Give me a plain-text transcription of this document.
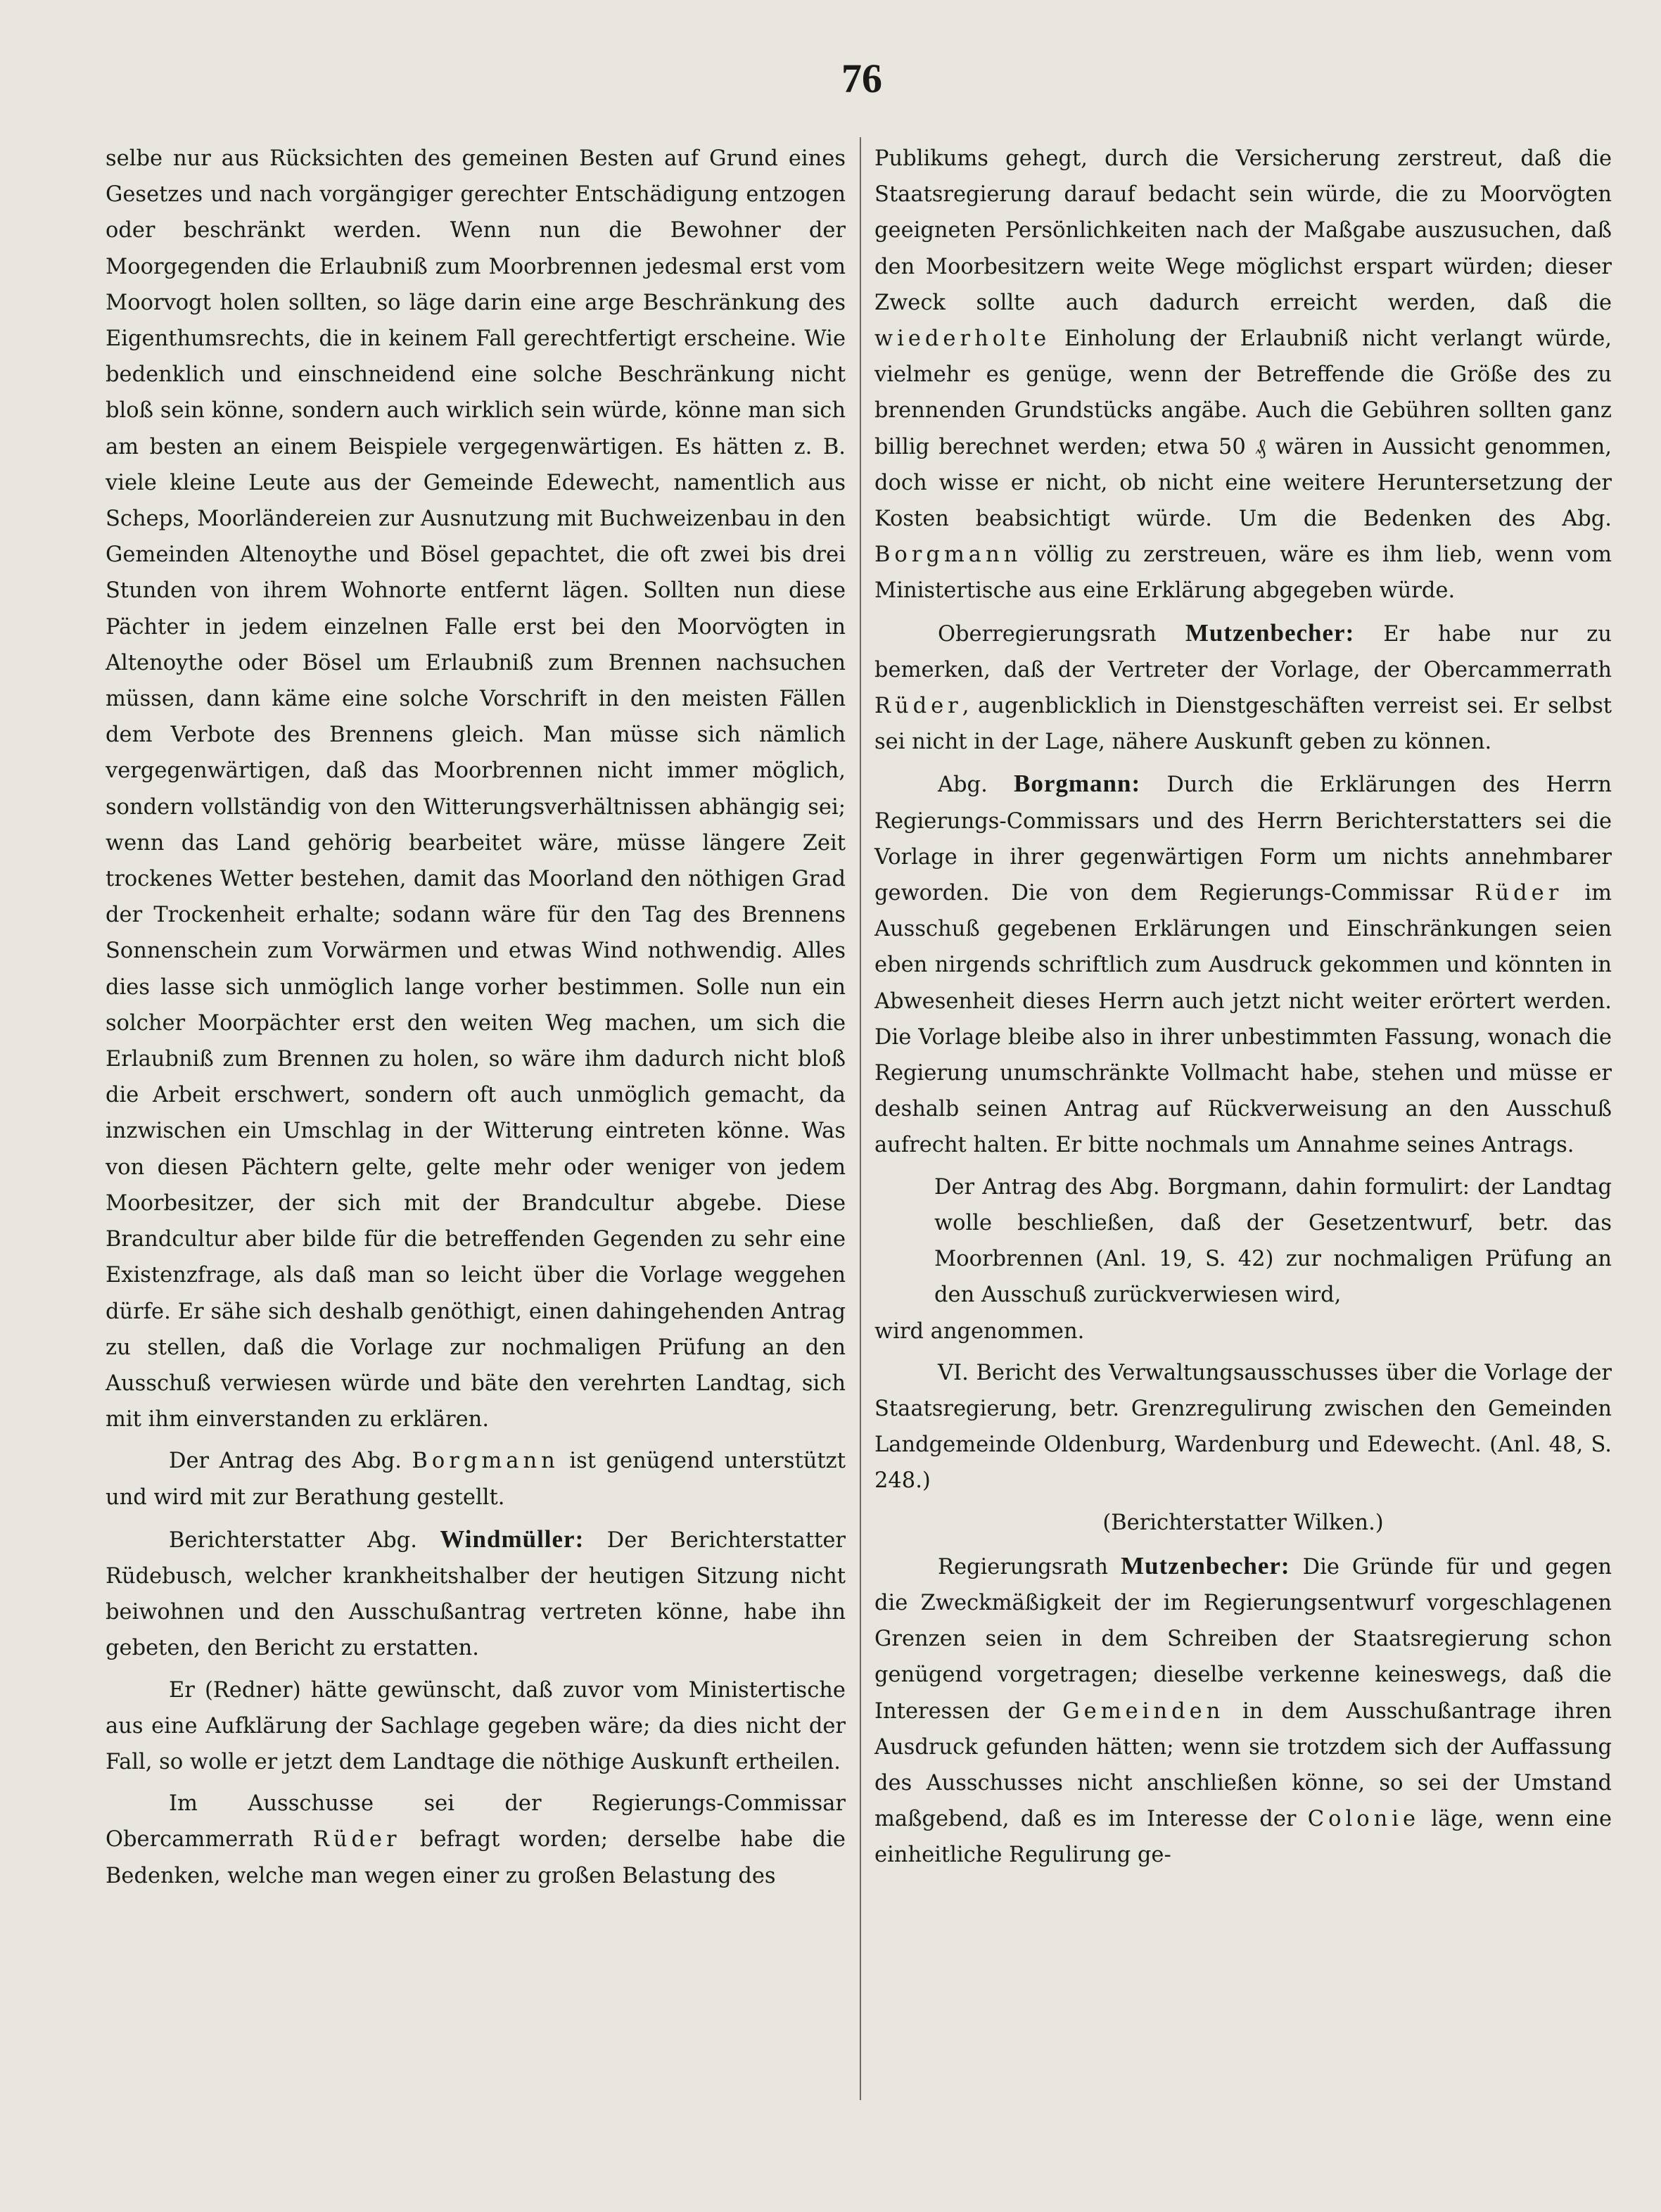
76

selbe nur aus Rücksichten des gemeinen Besten auf Grund eines Gesetzes und nach vorgängiger gerechter Entschädigung entzogen oder beschränkt werden. Wenn nun die Bewohner der Moorgegenden die Erlaubniß zum Moorbrennen jedesmal erst vom Moorvogt holen sollten, so läge darin eine arge Beschränkung des Eigenthumsrechts, die in keinem Fall gerechtfertigt erscheine. Wie bedenklich und einschneidend eine solche Beschränkung nicht bloß sein könne, sondern auch wirklich sein würde, könne man sich am besten an einem Beispiele vergegenwärtigen. Es hätten z. B. viele kleine Leute aus der Gemeinde Edewecht, namentlich aus Scheps, Moorländereien zur Ausnutzung mit Buchweizenbau in den Gemeinden Altenoythe und Bösel gepachtet, die oft zwei bis drei Stunden von ihrem Wohnorte entfernt lägen. Sollten nun diese Pächter in jedem einzelnen Falle erst bei den Moorvögten in Altenoythe oder Bösel um Erlaubniß zum Brennen nachsuchen müssen, dann käme eine solche Vorschrift in den meisten Fällen dem Verbote des Brennens gleich. Man müsse sich nämlich vergegenwärtigen, daß das Moorbrennen nicht immer möglich, sondern vollständig von den Witterungsverhältnissen abhängig sei; wenn das Land gehörig bearbeitet wäre, müsse längere Zeit trockenes Wetter bestehen, damit das Moorland den nöthigen Grad der Trockenheit erhalte; sodann wäre für den Tag des Brennens Sonnenschein zum Vorwärmen und etwas Wind nothwendig. Alles dies lasse sich unmöglich lange vorher bestimmen. Solle nun ein solcher Moorpächter erst den weiten Weg machen, um sich die Erlaubniß zum Brennen zu holen, so wäre ihm dadurch nicht bloß die Arbeit erschwert, sondern oft auch unmöglich gemacht, da inzwischen ein Umschlag in der Witterung eintreten könne. Was von diesen Pächtern gelte, gelte mehr oder weniger von jedem Moorbesitzer, der sich mit der Brandcultur abgebe. Diese Brandcultur aber bilde für die betreffenden Gegenden zu sehr eine Existenzfrage, als daß man so leicht über die Vorlage weggehen dürfe. Er sähe sich deshalb genöthigt, einen dahingehenden Antrag zu stellen, daß die Vorlage zur nochmaligen Prüfung an den Ausschuß verwiesen würde und bäte den verehrten Landtag, sich mit ihm einverstanden zu erklären.

Der Antrag des Abg. Borgmann ist genügend unterstützt und wird mit zur Berathung gestellt.

Berichterstatter Abg. Windmüller: Der Berichterstatter Rüdebusch, welcher krankheitshalber der heutigen Sitzung nicht beiwohnen und den Ausschußantrag vertreten könne, habe ihn gebeten, den Bericht zu erstatten.

Er (Redner) hätte gewünscht, daß zuvor vom Ministertische aus eine Aufklärung der Sachlage gegeben wäre; da dies nicht der Fall, so wolle er jetzt dem Landtage die nöthige Auskunft ertheilen.

Im Ausschusse sei der Regierungs-Commissar Obercammerrath Rüder befragt worden; derselbe habe die Bedenken, welche man wegen einer zu großen Belastung des

Publikums gehegt, durch die Versicherung zerstreut, daß die Staatsregierung darauf bedacht sein würde, die zu Moorvögten geeigneten Persönlichkeiten nach der Maßgabe auszusuchen, daß den Moorbesitzern weite Wege möglichst erspart würden; dieser Zweck sollte auch dadurch erreicht werden, daß die wiederholte Einholung der Erlaubniß nicht verlangt würde, vielmehr es genüge, wenn der Betreffende die Größe des zu brennenden Grundstücks angäbe. Auch die Gebühren sollten ganz billig berechnet werden; etwa 50 ₰ wären in Aussicht genommen, doch wisse er nicht, ob nicht eine weitere Heruntersetzung der Kosten beabsichtigt würde. Um die Bedenken des Abg. Borgmann völlig zu zerstreuen, wäre es ihm lieb, wenn vom Ministertische aus eine Erklärung abgegeben würde.

Oberregierungsrath Mutzenbecher: Er habe nur zu bemerken, daß der Vertreter der Vorlage, der Obercammerrath Rüder, augenblicklich in Dienstgeschäften verreist sei. Er selbst sei nicht in der Lage, nähere Auskunft geben zu können.

Abg. Borgmann: Durch die Erklärungen des Herrn Regierungs-Commissars und des Herrn Berichterstatters sei die Vorlage in ihrer gegenwärtigen Form um nichts annehmbarer geworden. Die von dem Regierungs-Commissar Rüder im Ausschuß gegebenen Erklärungen und Einschränkungen seien eben nirgends schriftlich zum Ausdruck gekommen und könnten in Abwesenheit dieses Herrn auch jetzt nicht weiter erörtert werden. Die Vorlage bleibe also in ihrer unbestimmten Fassung, wonach die Regierung unumschränkte Vollmacht habe, stehen und müsse er deshalb seinen Antrag auf Rückverweisung an den Ausschuß aufrecht halten. Er bitte nochmals um Annahme seines Antrags.

Der Antrag des Abg. Borgmann, dahin formulirt: der Landtag wolle beschließen, daß der Gesetzentwurf, betr. das Moorbrennen (Anl. 19, S. 42) zur nochmaligen Prüfung an den Ausschuß zurückverwiesen wird,

wird angenommen.

VI. Bericht des Verwaltungsausschusses über die Vorlage der Staatsregierung, betr. Grenzregulirung zwischen den Gemeinden Landgemeinde Oldenburg, Wardenburg und Edewecht. (Anl. 48, S. 248.)

(Berichterstatter Wilken.)

Regierungsrath Mutzenbecher: Die Gründe für und gegen die Zweckmäßigkeit der im Regierungsentwurf vorgeschlagenen Grenzen seien in dem Schreiben der Staatsregierung schon genügend vorgetragen; dieselbe verkenne keineswegs, daß die Interessen der Gemeinden in dem Ausschußantrage ihren Ausdruck gefunden hätten; wenn sie trotzdem sich der Auffassung des Ausschusses nicht anschließen könne, so sei der Umstand maßgebend, daß es im Interesse der Colonie läge, wenn eine einheitliche Regulirung ge-
